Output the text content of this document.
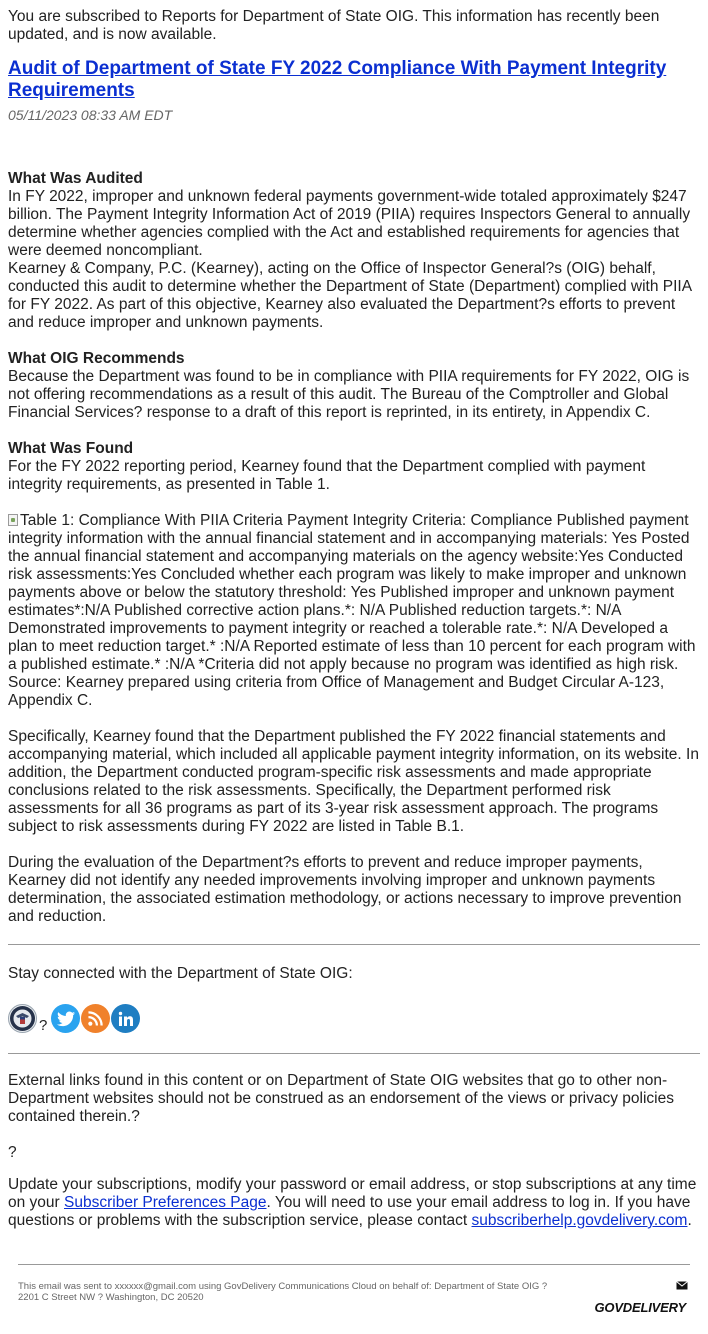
You are subscribed to Reports for Department of State OIG. This information has recently been updated, and is now available.

Audit of Department of State FY 2022 Compliance With Payment Integrity Requirements
05/11/2023 08:33 AM EDT
What Was Audited

In FY 2022, improper and unknown federal payments government-wide totaled approximately $247 billion. The Payment Integrity Information Act of 2019 (PIIA) requires Inspectors General to annually determine whether agencies complied with the Act and established requirements for agencies that were deemed noncompliant.

Kearney & Company, P.C. (Kearney), acting on the Office of Inspector General?s (OIG) behalf, conducted this audit to determine whether the Department of State (Department) complied with PIIA for FY 2022. As part of this objective, Kearney also evaluated the Department?s efforts to prevent and reduce improper and unknown payments.

What OIG Recommends

Because the Department was found to be in compliance with PIIA requirements for FY 2022, OIG is not offering recommendations as a result of this audit. The Bureau of the Comptroller and Global Financial Services? response to a draft of this report is reprinted, in its entirety, in Appendix C.

What Was Found

For the FY 2022 reporting period, Kearney found that the Department complied with payment integrity requirements, as presented in Table 1.

Table 1: Compliance With PIIA Criteria Payment Integrity Criteria: Compliance Published payment integrity information with the annual financial statement and in accompanying materials: Yes Posted the annual financial statement and accompanying materials on the agency website:Yes Conducted risk assessments:Yes Concluded whether each program was likely to make improper and unknown payments above or below the statutory threshold: Yes Published improper and unknown payment estimates*:N/A Published corrective action plans.*: N/A Published reduction targets.*: N/A Demonstrated improvements to payment integrity or reached a tolerable rate.*: N/A Developed a plan to meet reduction target.* :N/A Reported estimate of less than 10 percent for each program with a published estimate.* :N/A *Criteria did not apply because no program was identified as high risk. Source: Kearney prepared using criteria from Office of Management and Budget Circular A-123, Appendix C.

Specifically, Kearney found that the Department published the FY 2022 financial statements and accompanying material, which included all applicable payment integrity information, on its website. In addition, the Department conducted program-specific risk assessments and made appropriate conclusions related to the risk assessments. Specifically, the Department performed risk assessments for all 36 programs as part of its 3-year risk assessment approach. The programs subject to risk assessments during FY 2022 are listed in Table B.1.

During the evaluation of the Department?s efforts to prevent and reduce improper payments, Kearney did not identify any needed improvements involving improper and unknown payments determination, the associated estimation methodology, or actions necessary to improve prevention and reduction.

Stay connected with the Department of State OIG:

?

External links found in this content or on Department of State OIG websites that go to other non-Department websites should not be construed as an endorsement of the views or privacy policies contained therein.?

?

Update your subscriptions, modify your password or email address, or stop subscriptions at any time on your Subscriber Preferences Page. You will need to use your email address to log in. If you have questions or problems with the subscription service, please contact subscriberhelp.govdelivery.com.

This email was sent to xxxxxx@gmail.com using GovDelivery Communications Cloud on behalf of: Department of State OIG ?
2201 C Street NW ? Washington, DC 20520
GOVDELIVERY
